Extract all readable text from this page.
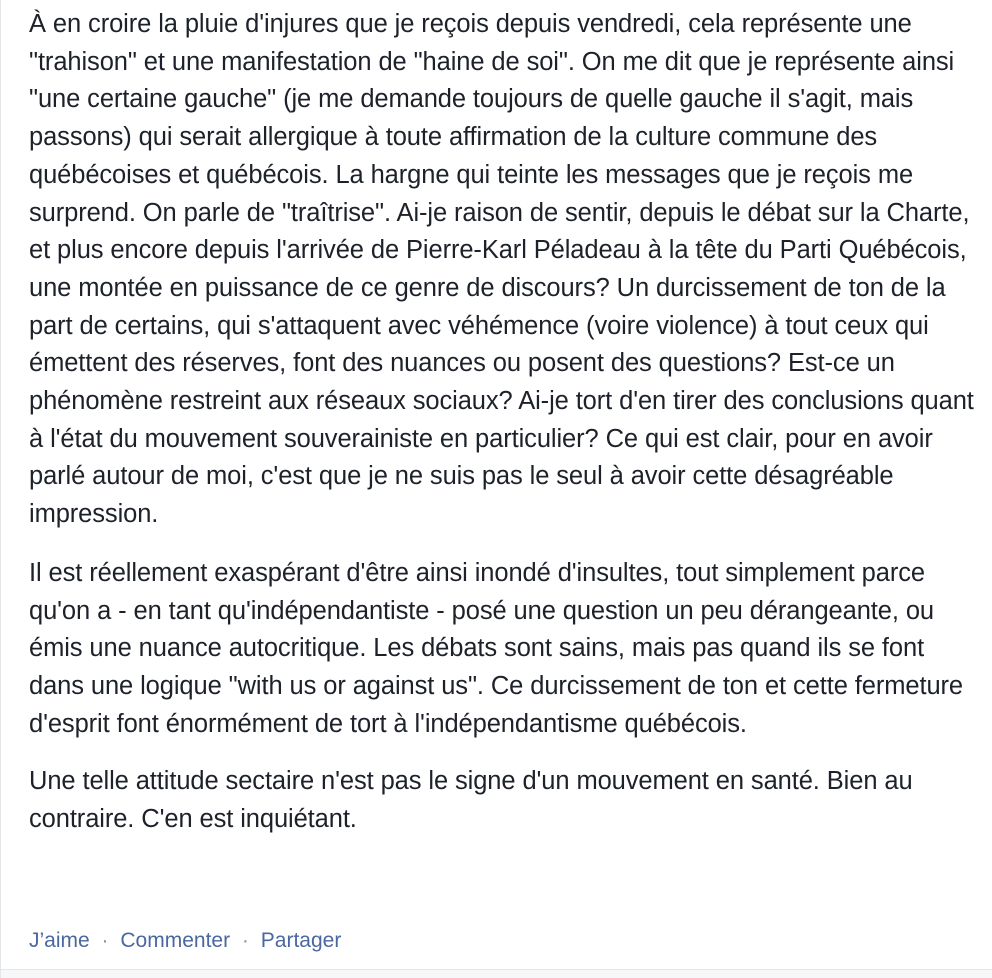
À en croire la pluie d'injures que je reçois depuis vendredi, cela représente une "trahison" et une manifestation de "haine de soi". On me dit que je représente ainsi "une certaine gauche" (je me demande toujours de quelle gauche il s'agit, mais passons) qui serait allergique à toute affirmation de la culture commune des québécoises et québécois. La hargne qui teinte les messages que je reçois me surprend. On parle de "traîtrise". Ai-je raison de sentir, depuis le débat sur la Charte, et plus encore depuis l'arrivée de Pierre-Karl Péladeau à la tête du Parti Québécois, une montée en puissance de ce genre de discours? Un durcissement de ton de la part de certains, qui s'attaquent avec véhémence (voire violence) à tout ceux qui émettent des réserves, font des nuances ou posent des questions? Est-ce un phénomène restreint aux réseaux sociaux? Ai-je tort d'en tirer des conclusions quant à l'état du mouvement souverainiste en particulier? Ce qui est clair, pour en avoir parlé autour de moi, c'est que je ne suis pas le seul à avoir cette désagréable impression.

Il est réellement exaspérant d'être ainsi inondé d'insultes, tout simplement parce qu'on a - en tant qu'indépendantiste - posé une question un peu dérangeante, ou émis une nuance autocritique. Les débats sont sains, mais pas quand ils se font dans une logique "with us or against us". Ce durcissement de ton et cette fermeture d'esprit font énormément de tort à l'indépendantisme québécois.

Une telle attitude sectaire n'est pas le signe d'un mouvement en santé. Bien au contraire. C'en est inquiétant.

J’aime · Commenter · Partager
